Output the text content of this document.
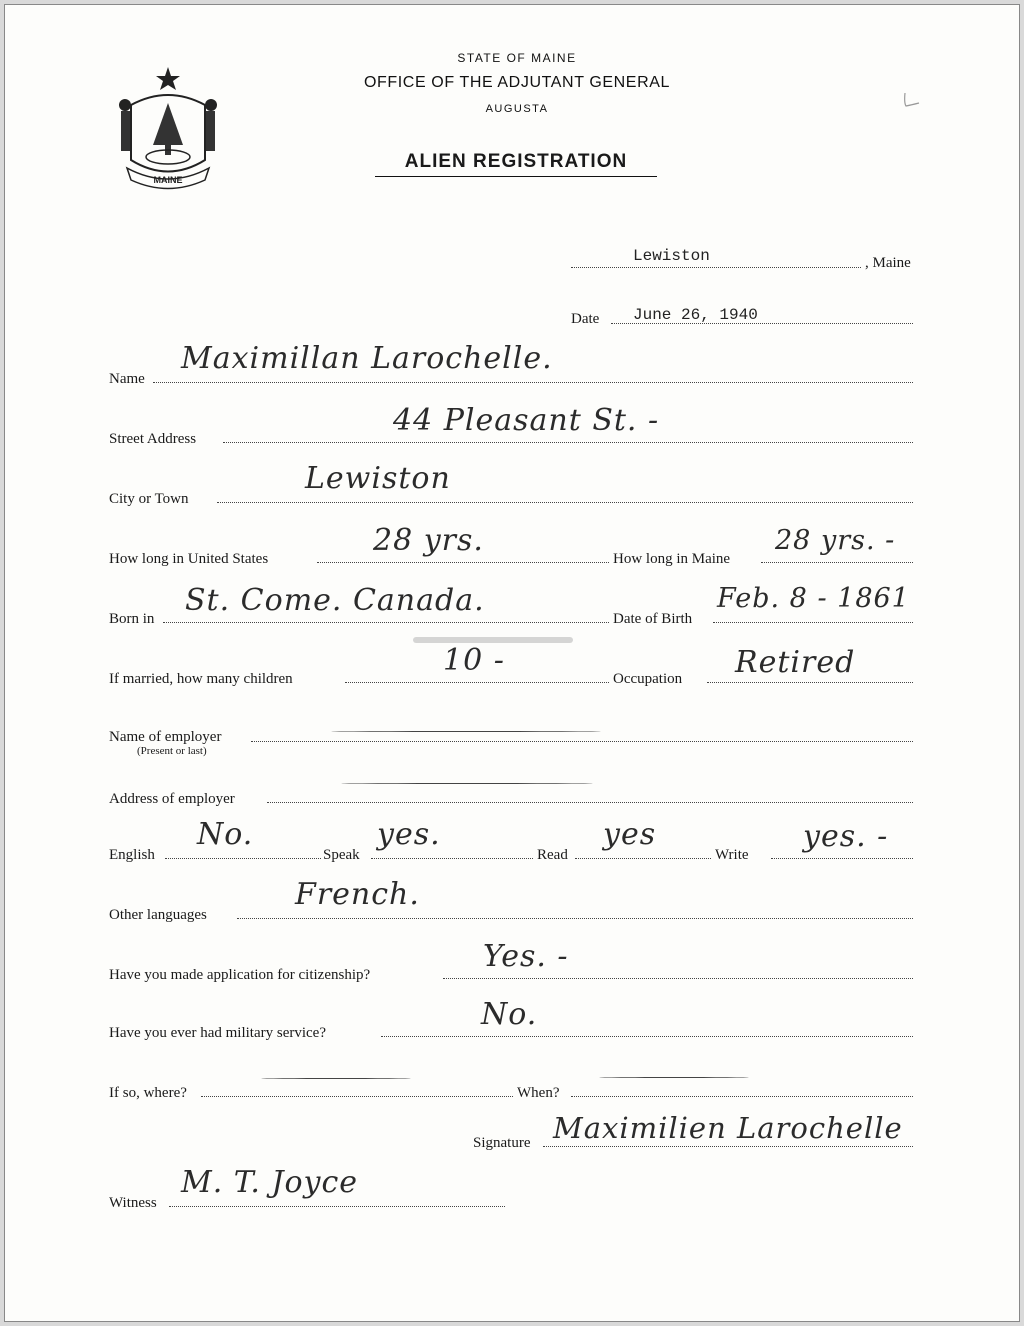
MAINE
STATE OF MAINE
OFFICE OF THE ADJUTANT GENERAL
AUGUSTA
ALIEN REGISTRATION
Lewiston	, Maine
Date June 26, 1940
Name
Maximillan Larochelle.
Street Address
44 Pleasant St. -
City or Town
Lewiston
How long in United States
28 yrs.
How long in Maine
28 yrs. -
Born in
St. Come. Canada.
Date of Birth
Feb. 8 - 1861
If married, how many children
10 -
Occupation Retired
Name of employer
(Present or last)
Address of employer
English
No.
Speak
yes.
Read
yes
Write
yes. -
Other languages
French.
Have you made application for citizenship?
Yes. -
Have you ever had military service?
No.
If so, where?	When?
Signature Maximilien Larochelle
Witness
M. T. Joyce
